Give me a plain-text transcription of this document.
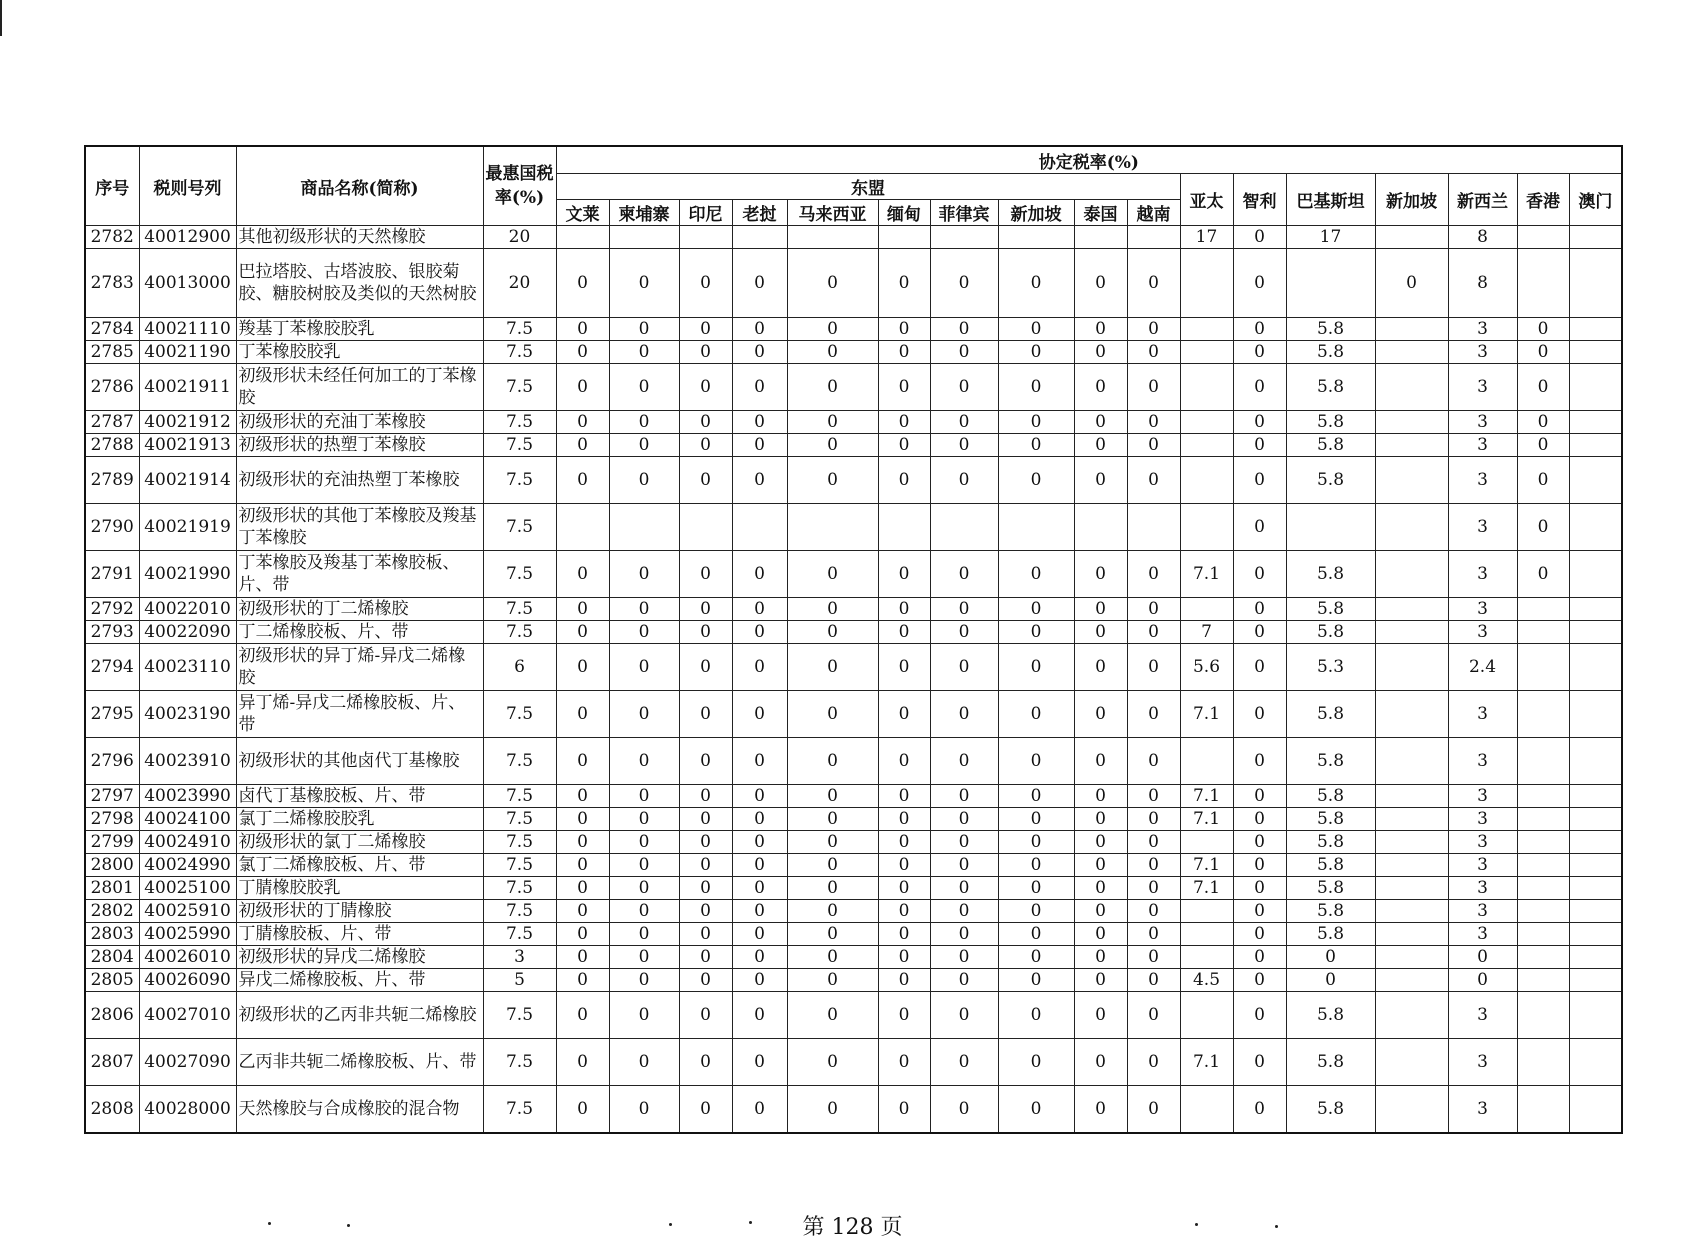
序号	税则号列	商品名称(简称)	最惠国税率(%)	协定税率(%)																
				东盟										亚太	智利	巴基斯坦	新加坡	新西兰	香港	澳门
				文莱	柬埔寨	印尼	老挝	马来西亚	缅甸	菲律宾	新加坡	泰国	越南							
2782	40012900	其他初级形状的天然橡胶	20											17	0	17		8		
2783	40013000	巴拉塔胶、古塔波胶、银胶菊胶、糖胶树胶及类似的天然树胶	20	0	0	0	0	0	0	0	0	0	0		0		0	8		
2784	40021110	羧基丁苯橡胶胶乳	7.5	0	0	0	0	0	0	0	0	0	0		0	5.8		3	0	
2785	40021190	丁苯橡胶胶乳	7.5	0	0	0	0	0	0	0	0	0	0		0	5.8		3	0	
2786	40021911	初级形状未经任何加工的丁苯橡胶	7.5	0	0	0	0	0	0	0	0	0	0		0	5.8		3	0	
2787	40021912	初级形状的充油丁苯橡胶	7.5	0	0	0	0	0	0	0	0	0	0		0	5.8		3	0	
2788	40021913	初级形状的热塑丁苯橡胶	7.5	0	0	0	0	0	0	0	0	0	0		0	5.8		3	0	
2789	40021914	初级形状的充油热塑丁苯橡胶	7.5	0	0	0	0	0	0	0	0	0	0		0	5.8		3	0	
2790	40021919	初级形状的其他丁苯橡胶及羧基丁苯橡胶	7.5												0			3	0	
2791	40021990	丁苯橡胶及羧基丁苯橡胶板、片、带	7.5	0	0	0	0	0	0	0	0	0	0	7.1	0	5.8		3	0	
2792	40022010	初级形状的丁二烯橡胶	7.5	0	0	0	0	0	0	0	0	0	0		0	5.8		3		
2793	40022090	丁二烯橡胶板、片、带	7.5	0	0	0	0	0	0	0	0	0	0	7	0	5.8		3		
2794	40023110	初级形状的异丁烯-异戊二烯橡胶	6	0	0	0	0	0	0	0	0	0	0	5.6	0	5.3		2.4		
2795	40023190	异丁烯-异戊二烯橡胶板、片、带	7.5	0	0	0	0	0	0	0	0	0	0	7.1	0	5.8		3		
2796	40023910	初级形状的其他卤代丁基橡胶	7.5	0	0	0	0	0	0	0	0	0	0		0	5.8		3		
2797	40023990	卤代丁基橡胶板、片、带	7.5	0	0	0	0	0	0	0	0	0	0	7.1	0	5.8		3		
2798	40024100	氯丁二烯橡胶胶乳	7.5	0	0	0	0	0	0	0	0	0	0	7.1	0	5.8		3		
2799	40024910	初级形状的氯丁二烯橡胶	7.5	0	0	0	0	0	0	0	0	0	0		0	5.8		3		
2800	40024990	氯丁二烯橡胶板、片、带	7.5	0	0	0	0	0	0	0	0	0	0	7.1	0	5.8		3		
2801	40025100	丁腈橡胶胶乳	7.5	0	0	0	0	0	0	0	0	0	0	7.1	0	5.8		3		
2802	40025910	初级形状的丁腈橡胶	7.5	0	0	0	0	0	0	0	0	0	0		0	5.8		3		
2803	40025990	丁腈橡胶板、片、带	7.5	0	0	0	0	0	0	0	0	0	0		0	5.8		3		
2804	40026010	初级形状的异戊二烯橡胶	3	0	0	0	0	0	0	0	0	0	0		0	0		0		
2805	40026090	异戊二烯橡胶板、片、带	5	0	0	0	0	0	0	0	0	0	0	4.5	0	0		0		
2806	40027010	初级形状的乙丙非共轭二烯橡胶	7.5	0	0	0	0	0	0	0	0	0	0		0	5.8		3		
2807	40027090	乙丙非共轭二烯橡胶板、片、带	7.5	0	0	0	0	0	0	0	0	0	0	7.1	0	5.8		3		
2808	40028000	天然橡胶与合成橡胶的混合物	7.5	0	0	0	0	0	0	0	0	0	0		0	5.8		3		
第 128 页
